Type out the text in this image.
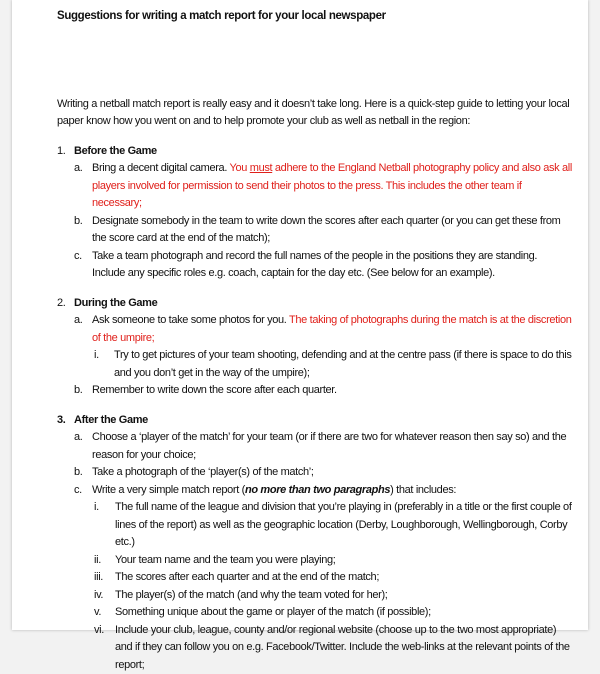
Suggestions for writing a match report for your local newspaper

Writing a netball match report is really easy and it doesn’t take long. Here is a quick-step guide to letting your local paper know how you went on and to help promote your club as well as netball in the region:

1. Before the Game
a. Bring a decent digital camera. You must adhere to the England Netball photography policy and also ask all players involved for permission to send their photos to the press. This includes the other team if necessary;
b. Designate somebody in the team to write down the scores after each quarter (or you can get these from the score card at the end of the match);
c. Take a team photograph and record the full names of the people in the positions they are standing. Include any specific roles e.g. coach, captain for the day etc. (See below for an example).
2. During the Game
a. Ask someone to take some photos for you. The taking of photographs during the match is at the discretion of the umpire;
i.	Try to get pictures of your team shooting, defending and at the centre pass (if there is space to do this and you don’t get in the way of the umpire);
b. Remember to write down the score after each quarter.
3. After the Game
a. Choose a ‘player of the match’ for your team (or if there are two for whatever reason then say so) and the reason for your choice;
b. Take a photograph of the ‘player(s) of the match’;
c. Write a very simple match report (no more than two paragraphs) that includes:
i.	The full name of the league and division that you’re playing in (preferably in a title or the first couple of lines of the report) as well as the geographic location (Derby, Loughborough, Wellingborough, Corby etc.)
ii.	Your team name and the team you were playing;
iii.	The scores after each quarter and at the end of the match;
iv.	The player(s) of the match (and why the team voted for her);
v.	Something unique about the game or player of the match (if possible);
vi.	Include your club, league, county and/or regional website (choose up to the two most appropriate) and if they can follow you on e.g. Facebook/Twitter. Include the web-links at the relevant points of the report;
